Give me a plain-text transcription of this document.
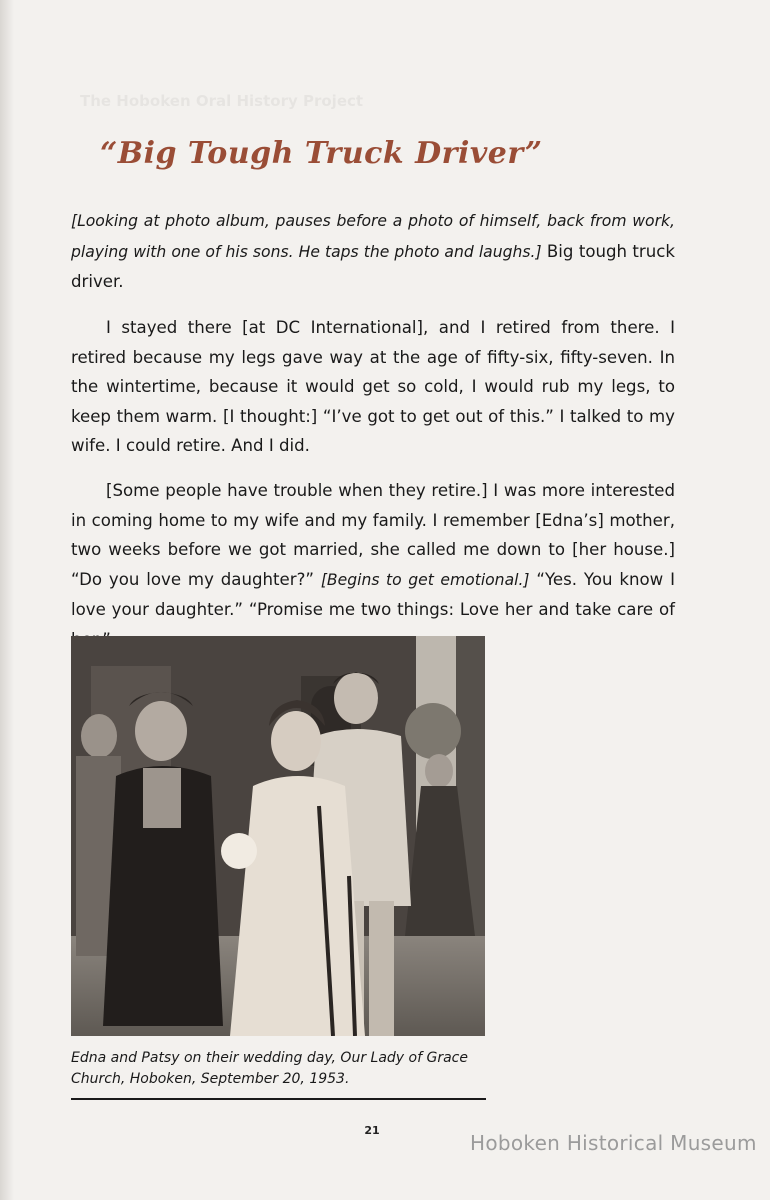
The Hoboken Oral History Project
“Big Tough Truck Driver”

[Looking at photo album, pauses before a photo of himself, back from work, playing with one of his sons. He taps the photo and laughs.] Big tough truck driver.

I stayed there [at DC International], and I retired from there. I retired because my legs gave way at the age of fifty-six, fifty-seven. In the wintertime, because it would get so cold, I would rub my legs, to keep them warm. [I thought:] “I’ve got to get out of this.” I talked to my wife. I could retire. And I did.

[Some people have trouble when they retire.] I was more interested in coming home to my wife and my family. I remember [Edna’s] mother, two weeks before we got married, she called me down to [her house.] “Do you love my daughter?” [Begins to get emotional.] “Yes. You know I love your daughter.” “Promise me two things: Love her and take care of

Edna and Patsy on their wedding day, Our Lady of Grace Church, Hoboken, September 20, 1953.
21
Hoboken Historical Museum
